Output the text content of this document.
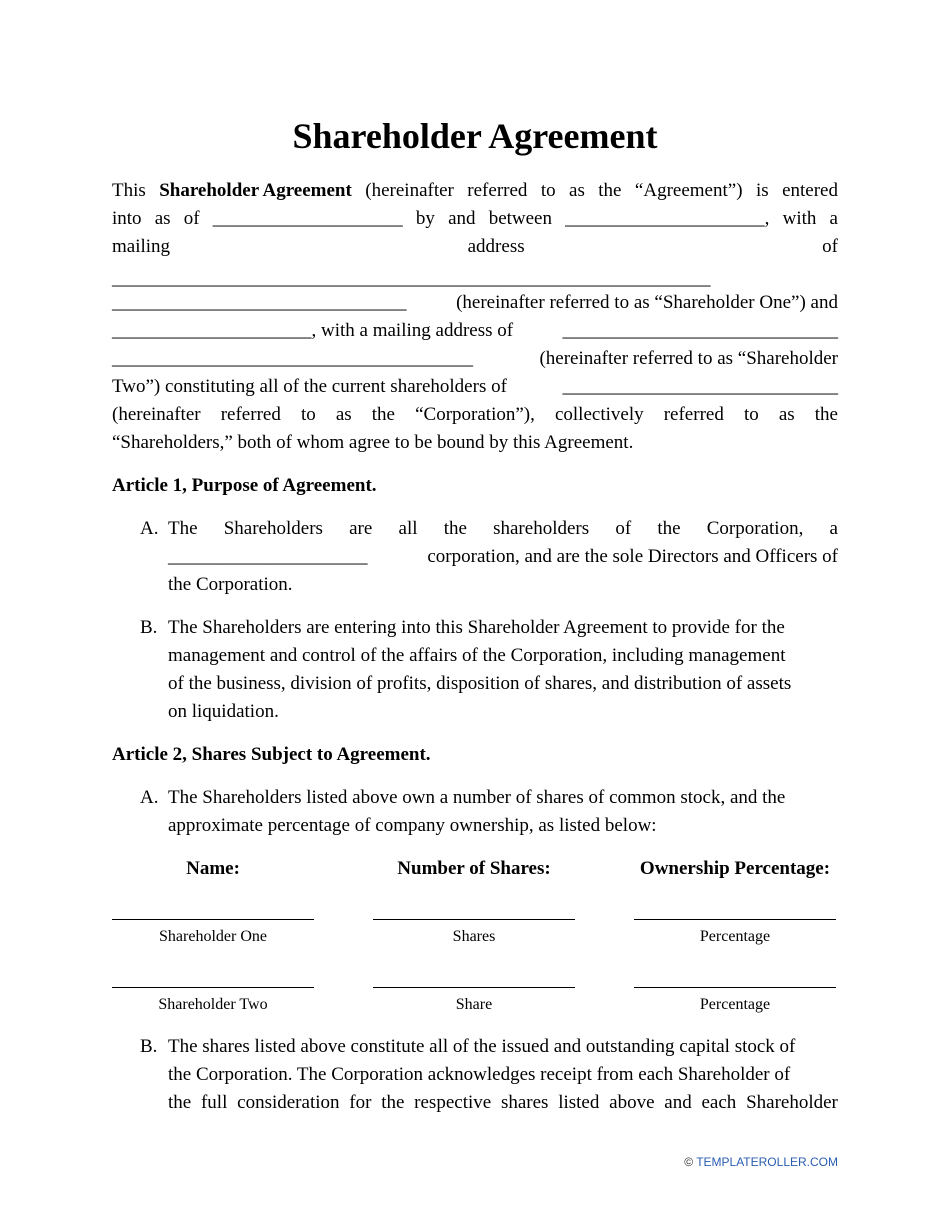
Shareholder Agreement
This Shareholder Agreement (hereinafter referred to as the “Agreement”) is entered
into as of ____________________ by and between _____________________, with a
mailing	address	of
_______________________________________________________________
_______________________________	(hereinafter referred to as “Shareholder One”) and
_____________________, with a mailing address of	_____________________________
______________________________________	(hereinafter referred to as “Shareholder
Two”) constituting all of the current shareholders of	_____________________________
(hereinafter referred to as the “Corporation”), collectively referred to as the
“Shareholders,” both of whom agree to be bound by this Agreement.
Article 1, Purpose of Agreement.
A. The Shareholders are all the shareholders of the Corporation, a
_____________________	corporation, and are the sole Directors and Officers of
the Corporation.
B. The Shareholders are entering into this Shareholder Agreement to provide for the
management and control of the affairs of the Corporation, including management
of the business, division of profits, disposition of shares, and distribution of assets
on liquidation.
Article 2, Shares Subject to Agreement.
A. The Shareholders listed above own a number of shares of common stock, and the
approximate percentage of company ownership, as listed below:
Name:	Number of Shares:	Ownership Percentage:
Shareholder One	Shares	Percentage
Shareholder Two	Share	Percentage
B. The shares listed above constitute all of the issued and outstanding capital stock of
the Corporation. The Corporation acknowledges receipt from each Shareholder of
the full consideration for the respective shares listed above and each Shareholder
© TEMPLATEROLLER.COM
